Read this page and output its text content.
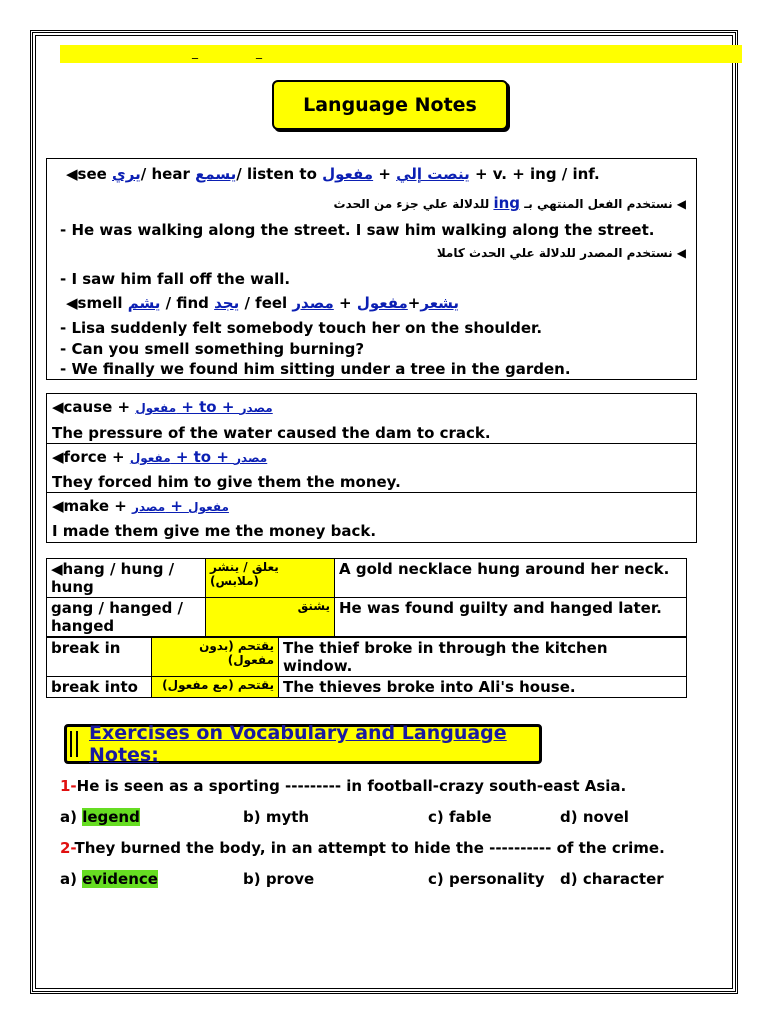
_	_
Language Notes
◀see يري/ hear يسمع/ listen to	ينصت إلي + مفعول	+ v. + ing / inf.
◀ نستخدم الفعل المنتهي بـ ing للدلالة علي جزء من الحدث
- He was walking along the street. I saw him walking along the street.
◀ نستخدم المصدر للدلالة علي الحدث كاملا
- I saw him fall off the wall.
◀smell يشم / find يجد / feel	يشعر+مفعول + مصدر
- Lisa suddenly felt somebody touch her on the shoulder.
- Can you smell something burning?
- We finally we found him sitting under a tree in the garden.
◀cause + مفعول + to + مصدر
The pressure of the water caused the dam to crack.
◀force + مفعول + to + مصدر
They forced him to give them the money.
◀make +	مفعول + مصدر
I made them give me the money back.
◀hang / hung / hung	يعلق / ينشر (ملابس)	A gold necklace hung around her neck.
gang / hanged / hanged	يشنق	He was found guilty and hanged later.
break in	يقتحم (بدون مفعول)	The thief broke in through the kitchen window.
break into	يقتحم (مع مفعول)	The thieves broke into Ali's house.
Exercises on Vocabulary and Language Notes:
1-He is seen as a sporting --------- in football-crazy south-east Asia.
a) legend	b) myth	c) fable	d) novel
2-They burned the body, in an attempt to hide the ---------- of the crime.
a) evidence	b) prove	c) personality d) character
